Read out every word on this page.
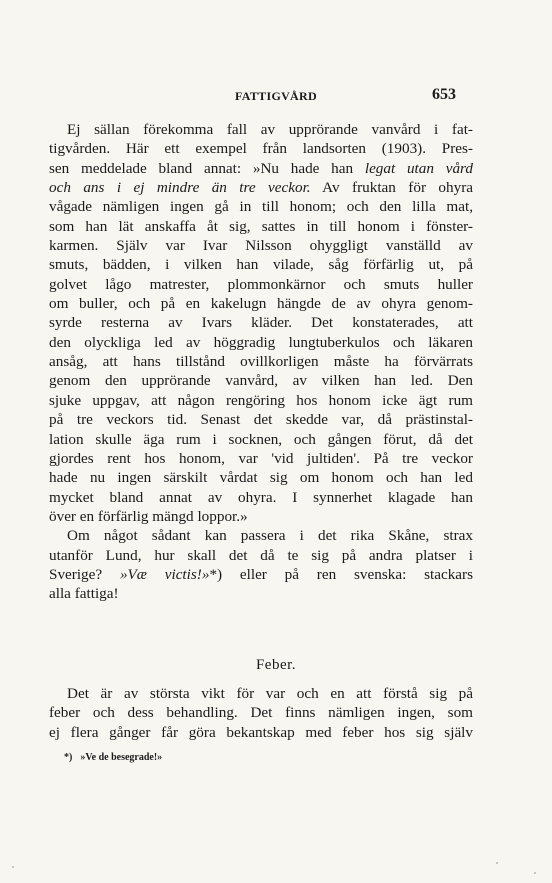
FATTIGVÅRD	653
Ej sällan förekomma fall av upprörande vanvård i fat-
tigvården. Här ett exempel från landsorten (1903). Pres-
sen meddelade bland annat: »Nu hade han legat utan vård
och ans i ej mindre än tre veckor. Av fruktan för ohyra
vågade nämligen ingen gå in till honom; och den lilla mat,
som han lät anskaffa åt sig, sattes in till honom i fönster-
karmen. Själv var Ivar Nilsson ohyggligt vanställd av
smuts, bädden, i vilken han vilade, såg förfärlig ut, på
golvet lågo matrester, plommonkärnor och smuts huller
om buller, och på en kakelugn hängde de av ohyra genom-
syrde resterna av Ivars kläder. Det konstaterades, att
den olyckliga led av höggradig lungtuberkulos och läkaren
ansåg, att hans tillstånd ovillkorligen måste ha förvärrats
genom den upprörande vanvård, av vilken han led. Den
sjuke uppgav, att någon rengöring hos honom icke ägt rum
på tre veckors tid. Senast det skedde var, då prästinstal-
lation skulle äga rum i socknen, och gången förut, då det
gjordes rent hos honom, var 'vid jultiden'. På tre veckor
hade nu ingen särskilt vårdat sig om honom och han led
mycket bland annat av ohyra. I synnerhet klagade han
över en förfärlig mängd loppor.»
Om något sådant kan passera i det rika Skåne, strax
utanför Lund, hur skall det då te sig på andra platser i
Sverige? »Væ victis!»*) eller på ren svenska: stackars
alla fattiga!
Feber.
Det är av största vikt för var och en att förstå sig på
feber och dess behandling. Det finns nämligen ingen, som
ej flera gånger får göra bekantskap med feber hos sig själv
*) »Ve de besegrade!»
